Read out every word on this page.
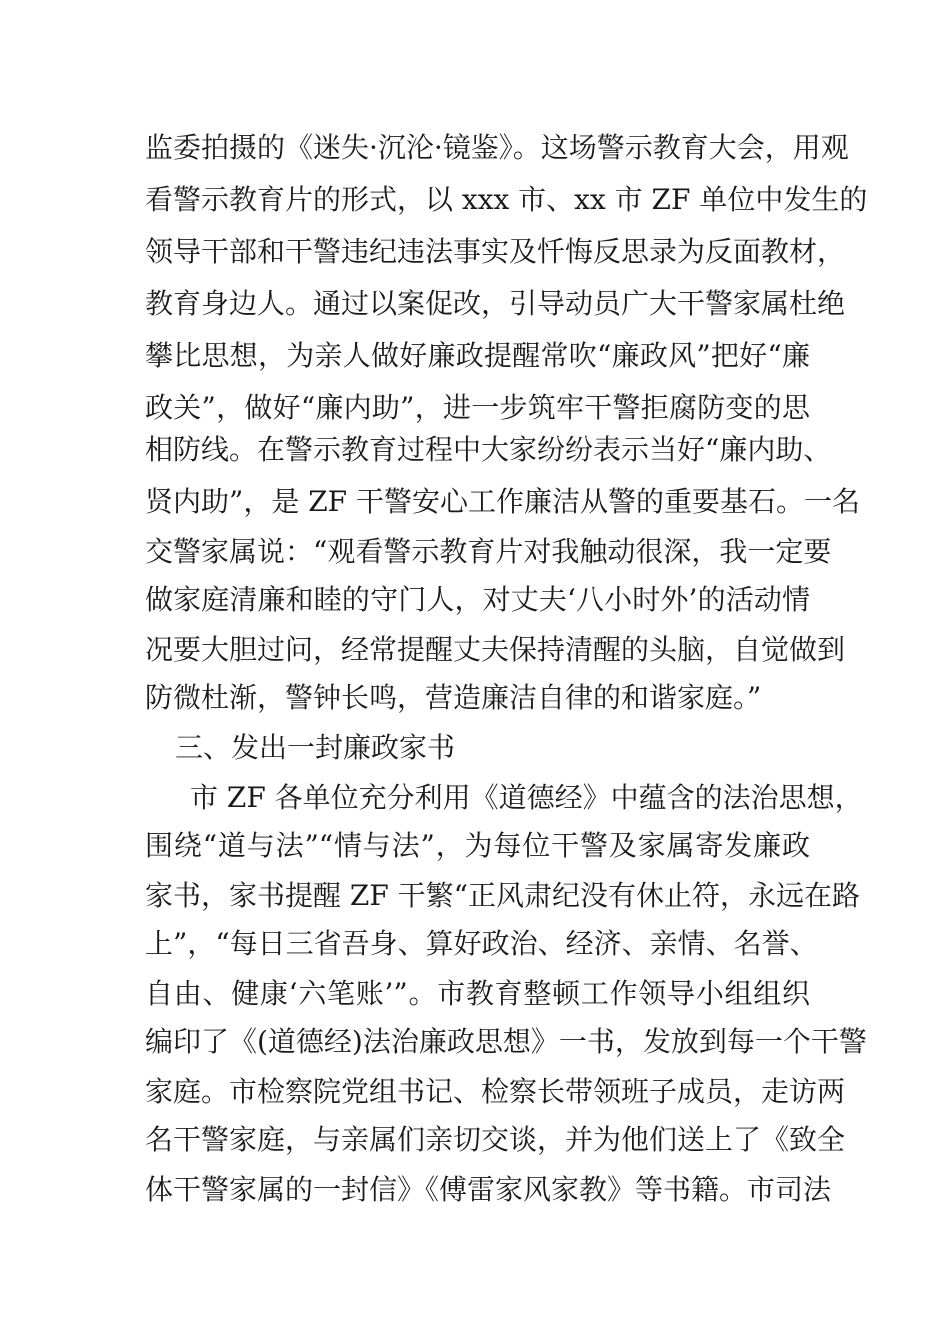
监委拍摄的《迷失·沉沦·镜鉴》。这场警示教育大会，用观
看警示教育片的形式，以 xxx 市、xx 市 ZF 单位中发生的
领导干部和干警违纪违法事实及忏悔反思录为反面教材，
教育身边人。通过以案促改，引导动员广大干警家属杜绝
攀比思想，为亲人做好廉政提醒常吹“廉政风”把好“廉
政关”，做好“廉内助”，进一步筑牢干警拒腐防变的思
相防线。在警示教育过程中大家纷纷表示当好“廉内助、
贤内助”，是 ZF 干警安心工作廉洁从警的重要基石。一名
交警家属说：“观看警示教育片对我触动很深，我一定要
做家庭清廉和睦的守门人，对丈夫‘八小时外’的活动情
况要大胆过问，经常提醒丈夫保持清醒的头脑，自觉做到
防微杜渐，警钟长鸣，营造廉洁自律的和谐家庭。”
三、发出一封廉政家书
市 ZF 各单位充分利用《道德经》中蕴含的法治思想，
围绕“道与法”“情与法”，为每位干警及家属寄发廉政
家书，家书提醒 ZF 干繁“正风肃纪没有休止符，永远在路
上”，“每日三省吾身、算好政治、经济、亲情、名誉、
自由、健康‘六笔账’”。市教育整顿工作领导小组组织
编印了《(道德经)法治廉政思想》一书，发放到每一个干警
家庭。市检察院党组书记、检察长带领班子成员，走访两
名干警家庭，与亲属们亲切交谈，并为他们送上了《致全
体干警家属的一封信》《傅雷家风家教》等书籍。市司法
